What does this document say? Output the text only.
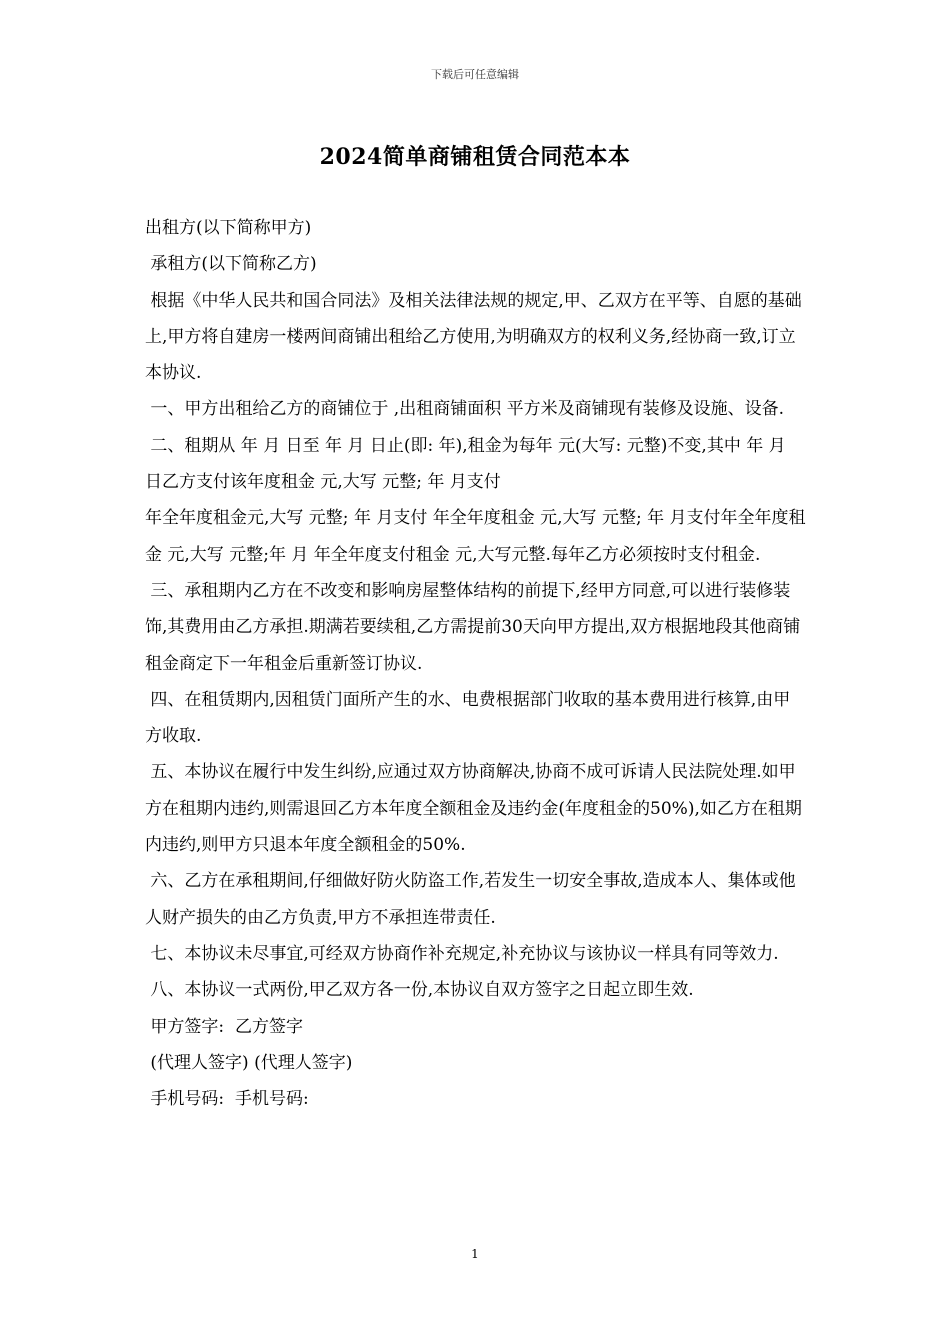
下载后可任意编辑
2024简单商铺租赁合同范本本

出租方(以下简称甲方)

承租方(以下简称乙方)

根据《中华人民共和国合同法》及相关法律法规的规定,甲、乙双方在平等、自愿的基础上,甲方将自建房一楼两间商铺出租给乙方使用,为明确双方的权利义务,经协商一致,订立本协议.

一、甲方出租给乙方的商铺位于 ,出租商铺面积 平方米及商铺现有装修及设施、设备.

二、租期从 年 月 日至 年 月 日止(即: 年),租金为每年 元(大写: 元整)不变,其中 年 月 日乙方支付该年度租金 元,大写 元整; 年 月支付

年全年度租金元,大写 元整; 年 月支付 年全年度租金 元,大写 元整; 年 月支付年全年度租金 元,大写 元整;年 月 年全年度支付租金 元,大写元整.每年乙方必须按时支付租金.

三、承租期内乙方在不改变和影响房屋整体结构的前提下,经甲方同意,可以进行装修装饰,其费用由乙方承担.期满若要续租,乙方需提前30天向甲方提出,双方根据地段其他商铺租金商定下一年租金后重新签订协议.

四、在租赁期内,因租赁门面所产生的水、电费根据部门收取的基本费用进行核算,由甲方收取.

五、本协议在履行中发生纠纷,应通过双方协商解决,协商不成可诉请人民法院处理.如甲方在租期内违约,则需退回乙方本年度全额租金及违约金(年度租金的50%),如乙方在租期内违约,则甲方只退本年度全额租金的50%.

六、乙方在承租期间,仔细做好防火防盗工作,若发生一切安全事故,造成本人、集体或他人财产损失的由乙方负责,甲方不承担连带责任.

七、本协议未尽事宜,可经双方协商作补充规定,补充协议与该协议一样具有同等效力.

八、本协议一式两份,甲乙双方各一份,本协议自双方签字之日起立即生效.

甲方签字:  乙方签字

(代理人签字) (代理人签字)

手机号码:  手机号码:

1
